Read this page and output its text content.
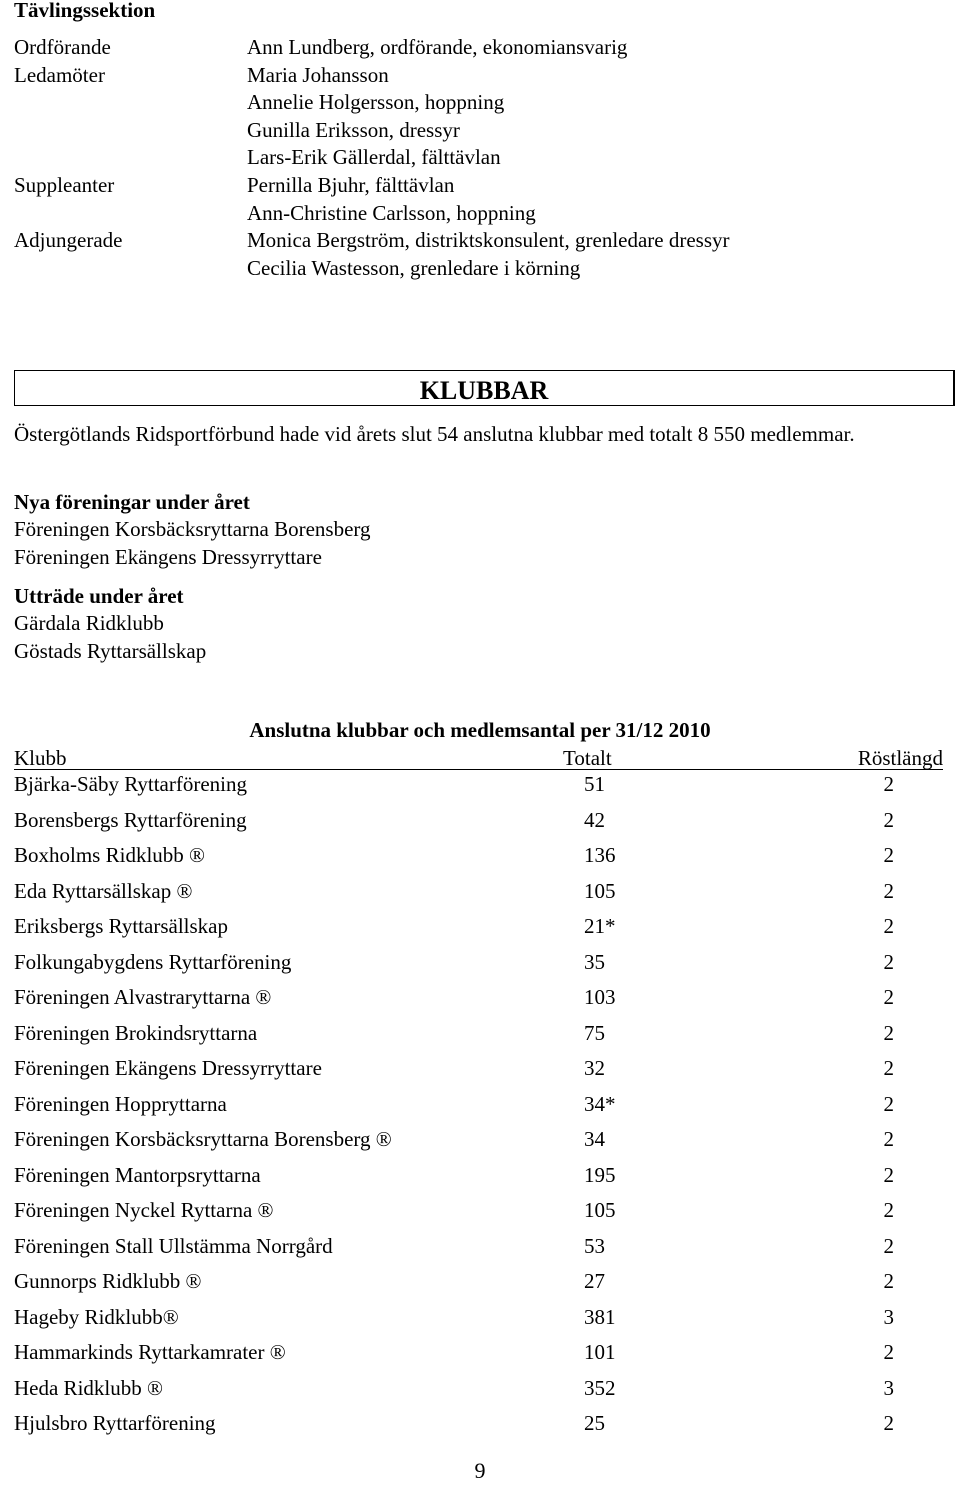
Tävlingssektion
Ordförande	Ann Lundberg, ordförande, ekonomiansvarig
Ledamöter	Maria Johansson
Annelie Holgersson, hoppning
Gunilla Eriksson, dressyr
Lars-Erik Gällerdal, fälttävlan
Suppleanter	Pernilla Bjuhr, fälttävlan
Ann-Christine Carlsson, hoppning
Adjungerade	Monica Bergström, distriktskonsulent, grenledare dressyr
Cecilia Wastesson, grenledare i körning
KLUBBAR
Östergötlands Ridsportförbund hade vid årets slut 54 anslutna klubbar med totalt 8 550 medlemmar.
Nya föreningar under året
Föreningen Korsbäcksryttarna Borensberg
Föreningen Ekängens Dressyrryttare
Utträde under året
Gärdala Ridklubb
Göstads Ryttarsällskap
Anslutna klubbar och medlemsantal per 31/12 2010
Klubb	Totalt	Röstlängd
Bjärka-Säby Ryttarförening	51	2
Borensbergs Ryttarförening	42	2
Boxholms Ridklubb ®	136	2
Eda Ryttarsällskap ®	105	2
Eriksbergs Ryttarsällskap	21*	2
Folkungabygdens Ryttarförening	35	2
Föreningen Alvastraryttarna ®	103	2
Föreningen Brokindsryttarna	75	2
Föreningen Ekängens Dressyrryttare	32	2
Föreningen Hoppryttarna	34*	2
Föreningen Korsbäcksryttarna Borensberg ®	34	2
Föreningen Mantorpsryttarna	195	2
Föreningen Nyckel Ryttarna ®	105	2
Föreningen Stall Ullstämma Norrgård	53	2
Gunnorps Ridklubb ®	27	2
Hageby Ridklubb®	381	3
Hammarkinds Ryttarkamrater ®	101	2
Heda Ridklubb ®	352	3
Hjulsbro Ryttarförening	25	2
9
